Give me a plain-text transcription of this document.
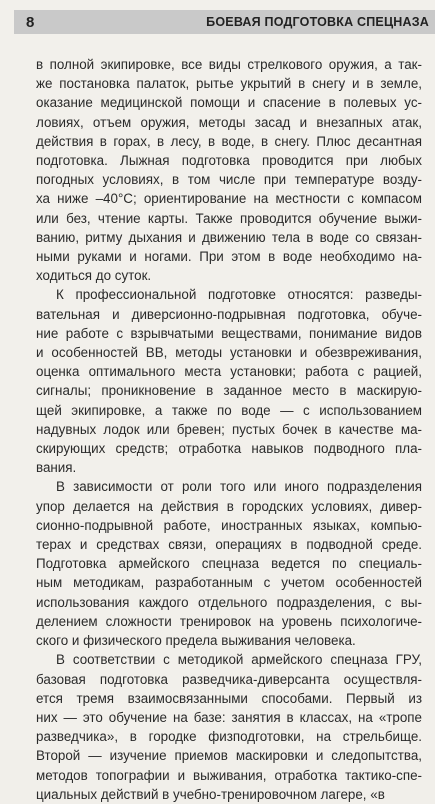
8	БОЕВАЯ ПОДГОТОВКА СПЕЦНАЗА
в полной экипировке, все виды стрелкового оружия, а так-
же постановка палаток, рытье укрытий в снегу и в земле,
оказание медицинской помощи и спасение в полевых ус-
ловиях, отъем оружия, методы засад и внезапных атак,
действия в горах, в лесу, в воде, в снегу. Плюс десантная
подготовка. Лыжная подготовка проводится при любых
погодных условиях, в том числе при температуре возду-
ха ниже –40°С; ориентирование на местности с компасом
или без, чтение карты. Также проводится обучение выжи-
ванию, ритму дыхания и движению тела в воде со связан-
ными руками и ногами. При этом в воде необходимо на-
ходиться до суток.
К профессиональной подготовке относятся: разведы-
вательная и диверсионно-подрывная подготовка, обуче-
ние работе с взрывчатыми веществами, понимание видов
и особенностей ВВ, методы установки и обезвреживания,
оценка оптимального места установки; работа с рацией,
сигналы; проникновение в заданное место в маскирую-
щей экипировке, а также по воде — с использованием
надувных лодок или бревен; пустых бочек в качестве ма-
скирующих средств; отработка навыков подводного пла-
вания.
В зависимости от роли того или иного подразделения
упор делается на действия в городских условиях, дивер-
сионно-подрывной работе, иностранных языках, компью-
терах и средствах связи, операциях в подводной среде.
Подготовка армейского спецназа ведется по специаль-
ным методикам, разработанным с учетом особенностей
использования каждого отдельного подразделения, с вы-
делением сложности тренировок на уровень психологиче-
ского и физического предела выживания человека.
В соответствии с методикой армейского спецназа ГРУ,
базовая подготовка разведчика-диверсанта осуществля-
ется тремя взаимосвязанными способами. Первый из
них — это обучение на базе: занятия в классах, на «тропе
разведчика», в городке физподготовки, на стрельбище.
Второй — изучение приемов маскировки и следопытства,
методов топографии и выживания, отработка тактико-спе-
циальных действий в учебно-тренировочном лагере, «в
